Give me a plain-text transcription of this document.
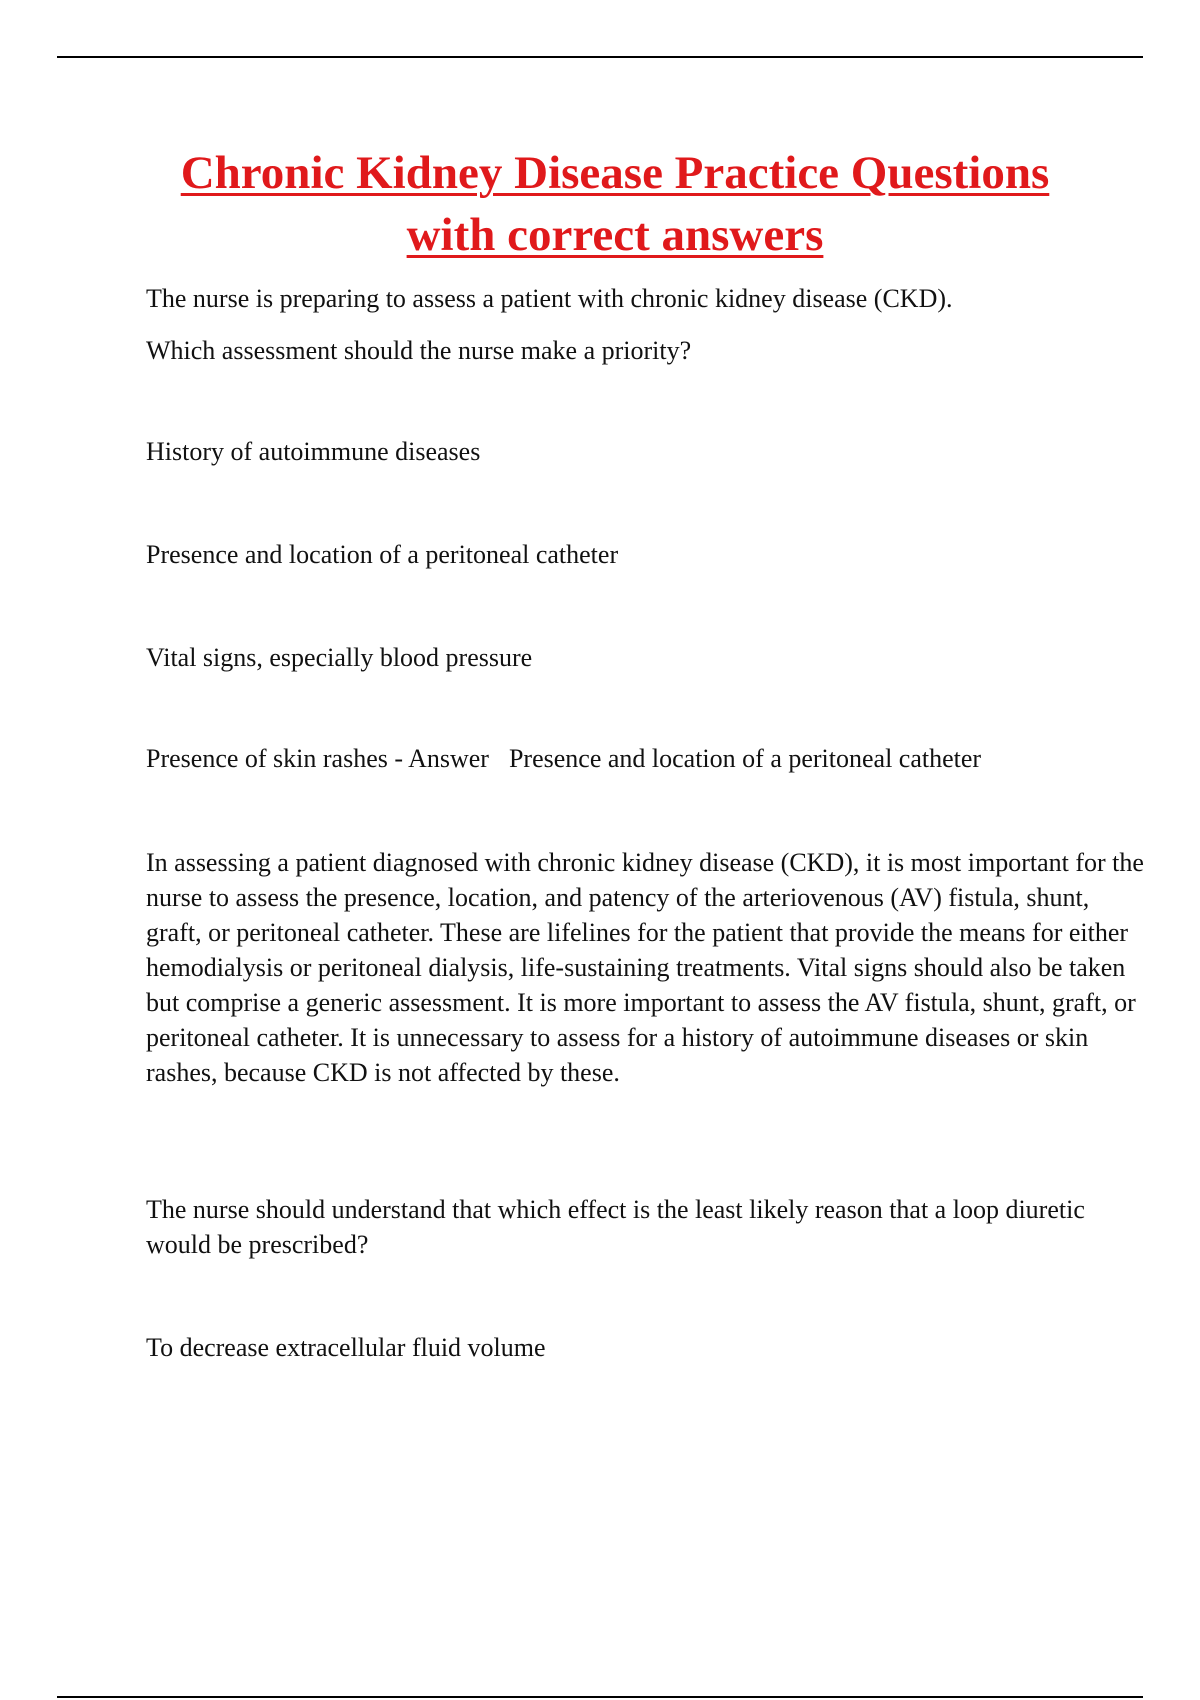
Chronic Kidney Disease Practice Questions
with correct answers

The nurse is preparing to assess a patient with chronic kidney disease (CKD).

Which assessment should the nurse make a priority?

History of autoimmune diseases

Presence and location of a peritoneal catheter

Vital signs, especially blood pressure

Presence of skin rashes - Answer Presence and location of a peritoneal catheter

In assessing a patient diagnosed with chronic kidney disease (CKD), it is most important for the nurse to assess the presence, location, and patency of the arteriovenous (AV) fistula, shunt, graft, or peritoneal catheter. These are lifelines for the patient that provide the means for either hemodialysis or peritoneal dialysis, life-sustaining treatments. Vital signs should also be taken but comprise a generic assessment. It is more important to assess the AV fistula, shunt, graft, or peritoneal catheter. It is unnecessary to assess for a history of autoimmune diseases or skin rashes, because CKD is not affected by these.

The nurse should understand that which effect is the least likely reason that a loop diuretic would be prescribed?

To decrease extracellular fluid volume
